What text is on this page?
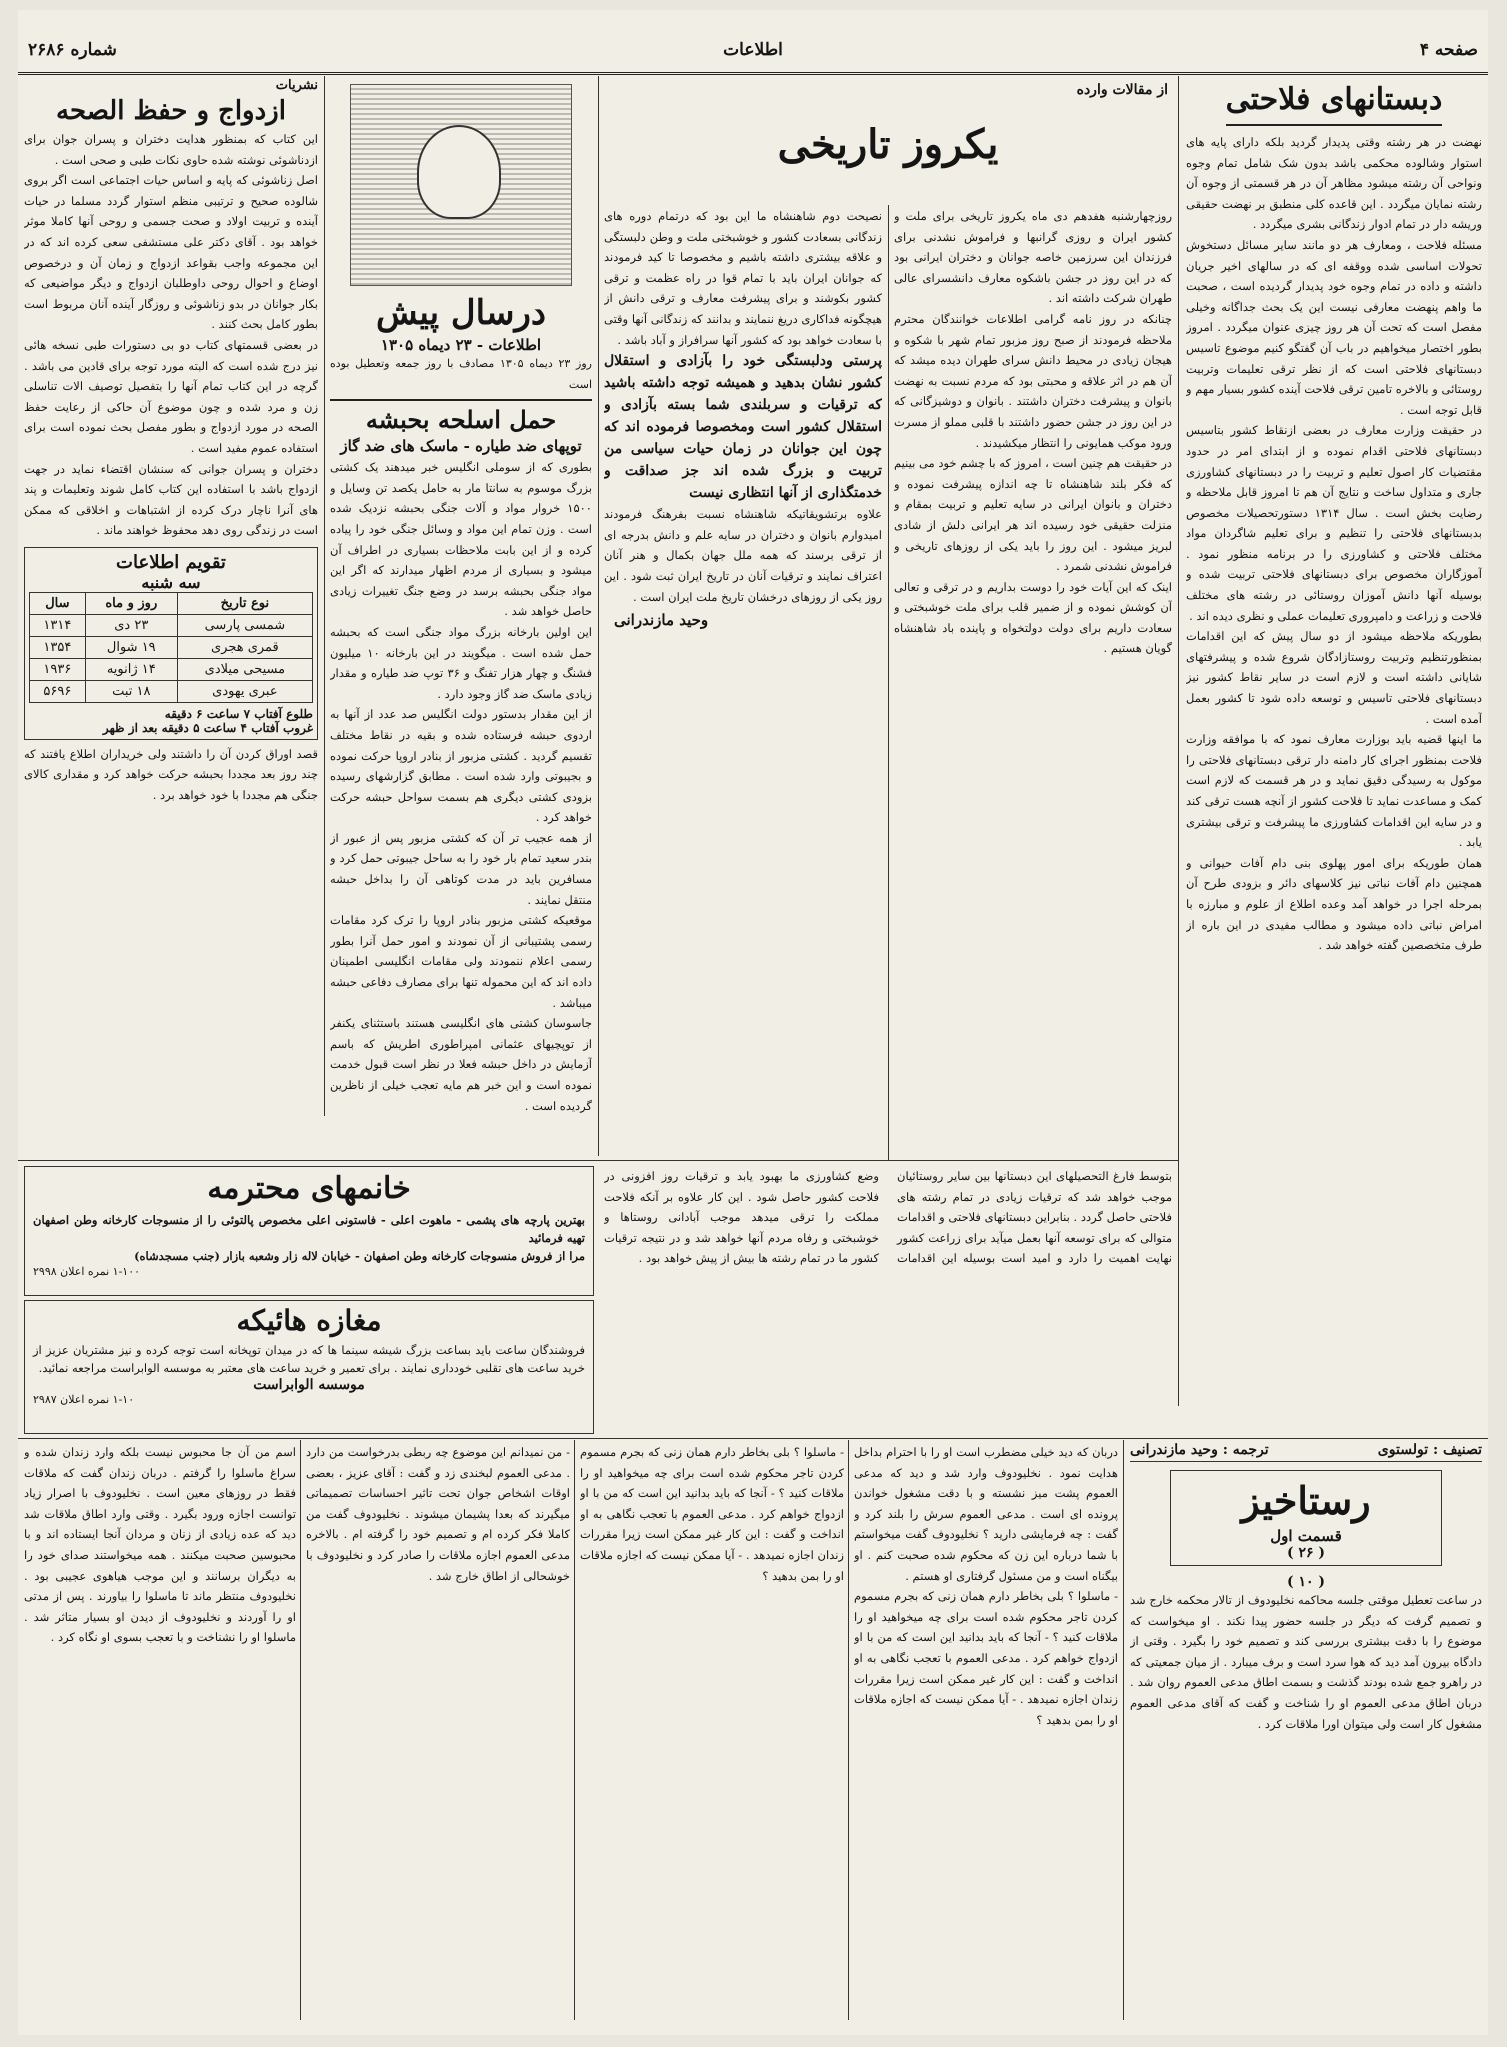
صفحه ۴
اطلاعات
شماره ۲۶۸۶

دبستانهای فلاحتی

نهضت در هر رشته وقتی پدیدار گردید بلکه دارای پایه های استوار وشالوده محکمی باشد بدون شک شامل تمام وجوه ونواحی آن رشته میشود مظاهر آن در هر قسمتی از وجوه آن رشته نمایان میگردد . این قاعده کلی منطبق بر نهضت حقیقی وریشه دار در تمام ادوار زندگانی بشری میگردد .

مسئله فلاحت ، ومعارف هر دو مانند سایر مسائل دستخوش تحولات اساسی شده ووقفه ای که در سالهای اخیر جریان داشته و داده در تمام وجوه خود پدیدار گردیده است ، صحبت ما واهم پنهضت معارفی نیست این یک بحث جداگانه وخیلی مفصل است که تحت آن هر روز چیزی عنوان میگردد . امروز بطور اختصار میخواهیم در باب آن گفتگو کنیم موضوع تاسیس دبستانهای فلاحتی است که از نظر ترقی تعلیمات وتربیت روستائی و بالاخره تامین ترقی فلاحت آینده کشور بسیار مهم و قابل توجه است .

در حقیقت وزارت معارف در بعضی ازنقاط کشور بتاسیس دبستانهای فلاحتی اقدام نموده و از ابتدای امر در حدود مقتضیات کار اصول تعلیم و تربیت را در دبستانهای کشاورزی جاری و متداول ساخت و نتایج آن هم تا امروز قابل ملاحظه و رضایت بخش است . سال ۱۳۱۴ دستورتحصیلات مخصوص بدبستانهای فلاحتی را تنظیم و برای تعلیم شاگردان مواد مختلف فلاحتی و کشاورزی را در برنامه منظور نمود . آموزگاران مخصوص برای دبستانهای فلاحتی تربیت شده و بوسیله آنها دانش آموزان روستائی در رشته های مختلف فلاحت و زراعت و دامپروری تعلیمات عملی و نظری دیده اند .

بطوریکه ملاحظه میشود از دو سال پیش که این اقدامات بمنظورتنظیم وتربیت روستازادگان شروع شده و پیشرفتهای شایانی داشته است و لازم است در سایر نقاط کشور نیز دبستانهای فلاحتی تاسیس و توسعه داده شود تا کشور بعمل آمده است .

ما اینها قضیه باید بوزارت معارف نمود که با موافقه وزارت فلاحت بمنظور اجرای کار دامنه دار ترقی دبستانهای فلاحتی را موکول به رسیدگی دقیق نماید و در هر قسمت که لازم است کمک و مساعدت نماید تا فلاحت کشور از آنچه هست ترقی کند و در سایه این اقدامات کشاورزی ما پیشرفت و ترقی بیشتری یابد .

همان طوریکه برای امور پهلوی بنی دام آفات حیوانی و همچنین دام آفات نباتی نیز کلاسهای دائر و بزودی طرح آن بمرحله اجرا در خواهد آمد وعده اطلاع از علوم و مبارزه با امراض نباتی داده میشود و مطالب مفیدی در این باره از طرف متخصصین گفته خواهد شد .

از مقالات وارده

یکروز تاریخی

روزچهارشنبه هفدهم دی ماه یکروز تاریخی برای ملت و کشور ایران و روزی گرانبها و فراموش نشدنی برای فرزندان این سرزمین خاصه جوانان و دختران ایرانی بود که در این روز در جشن باشکوه معارف دانشسرای عالی طهران شرکت داشته اند .

چنانکه در روز نامه گرامی اطلاعات خوانندگان محترم ملاحظه فرمودند از صبح روز مزبور تمام شهر با شکوه و هیجان زیادی در محیط دانش سرای طهران دیده میشد که آن هم در اثر علاقه و محبتی بود که مردم نسبت به نهضت بانوان و پیشرفت دختران داشتند . بانوان و دوشیزگانی که در این روز در جشن حضور داشتند با قلبی مملو از مسرت ورود موکب همایونی را انتظار میکشیدند .

در حقیقت هم چنین است ، امروز که با چشم خود می بینیم که فکر بلند شاهنشاه تا چه اندازه پیشرفت نموده و دختران و بانوان ایرانی در سایه تعلیم و تربیت بمقام و منزلت حقیقی خود رسیده اند هر ایرانی دلش از شادی لبریز میشود . این روز را باید یکی از روزهای تاریخی و فراموش نشدنی شمرد .

اینک که این آیات خود را دوست بداریم و در ترقی و تعالی آن کوشش نموده و از ضمیر قلب برای ملت خوشبختی و سعادت داریم برای دولت دولتخواه و پاینده باد شاهنشاه گویان هستیم .

نصیحت دوم شاهنشاه ما این بود که درتمام دوره های زندگانی بسعادت کشور و خوشبختی ملت و وطن دلبستگی و علاقه بیشتری داشته باشیم و مخصوصا تا کید فرمودند که جوانان ایران باید با تمام قوا در راه عظمت و ترقی کشور بکوشند و برای پیشرفت معارف و ترقی دانش از هیچگونه فداکاری دریغ ننمایند و بدانند که زندگانی آنها وقتی با سعادت خواهد بود که کشور آنها سرافراز و آباد باشد .

پرستی ودلبستگی خود را بآزادی و استقلال کشور نشان بدهید و همیشه توجه داشته باشید که ترقیات و سربلندی شما بسته بآزادی و استقلال کشور است ومخصوصا فرموده اند که چون این جوانان در زمان حیات سیاسی من تربیت و بزرگ شده اند جز صداقت و خدمتگذاری از آنها انتظاری نیست

علاوه برتشویقاتیکه شاهنشاه نسبت بفرهنگ فرمودند امیدوارم بانوان و دختران در سایه علم و دانش بدرجه ای از ترقی برسند که همه ملل جهان بکمال و هنر آنان اعتراف نمایند و ترقیات آنان در تاریخ ایران ثبت شود . این روز یکی از روزهای درخشان تاریخ ملت ایران است .

وحید مازندرانی

بتوسط فارغ التحصیلهای این دبستانها بین سایر روستائیان موجب خواهد شد که ترقیات زیادی در تمام رشته های فلاحتی حاصل گردد . بنابراین دبستانهای فلاحتی و اقدامات متوالی که برای توسعه آنها بعمل میآید برای زراعت کشور نهایت اهمیت را دارد و امید است بوسیله این اقدامات وضع کشاورزی ما بهبود یابد و ترقیات روز افزونی در فلاحت کشور حاصل شود . این کار علاوه بر آنکه فلاحت مملکت را ترقی میدهد موجب آبادانی روستاها و خوشبختی و رفاه مردم آنها خواهد شد و در نتیجه ترقیات کشور ما در تمام رشته ها بیش از پیش خواهد بود .

درسال پیش

اطلاعات - ۲۳ دیماه ۱۳۰۵

روز ۲۳ دیماه ۱۳۰۵ مصادف با روز جمعه وتعطیل بوده است

حمل اسلحه بحبشه

توپهای ضد طیاره - ماسک های ضد گاز

بطوری که از سوملی انگلیس خبر میدهند یک کشتی بزرگ موسوم به سانتا مار به حامل یکصد تن وسایل و ۱۵۰۰ خروار مواد و آلات جنگی بحبشه نزدیک شده است . وزن تمام این مواد و وسائل جنگی خود را پیاده کرده و از این بابت ملاحظات بسیاری در اطراف آن میشود و بسیاری از مردم اظهار میدارند که اگر این مواد جنگی بحبشه برسد در وضع جنگ تغییرات زیادی حاصل خواهد شد .

این اولین بارخانه بزرگ مواد جنگی است که بحبشه حمل شده است . میگویند در این بارخانه ۱۰ میلیون فشنگ و چهار هزار تفنگ و ۳۶ توپ ضد طیاره و مقدار زیادی ماسک ضد گاز وجود دارد .

از این مقدار بدستور دولت انگلیس صد عدد از آنها به اردوی حبشه فرستاده شده و بقیه در نقاط مختلف تقسیم گردید . کشتی مزبور از بنادر اروپا حرکت نموده و بجیبوتی وارد شده است . مطابق گزارشهای رسیده بزودی کشتی دیگری هم بسمت سواحل حبشه حرکت خواهد کرد .

از همه عجیب تر آن که کشتی مزبور پس از عبور از بندر سعید تمام بار خود را به ساحل جیبوتی حمل کرد و مسافرین باید در مدت کوتاهی آن را بداخل حبشه منتقل نمایند .

موقعیکه کشتی مزبور بنادر اروپا را ترک کرد مقامات رسمی پشتیبانی از آن نمودند و امور حمل آنرا بطور رسمی اعلام ننمودند ولی مقامات انگلیسی اطمینان داده اند که این محموله تنها برای مصارف دفاعی حبشه میباشد .

جاسوسان کشتی های انگلیسی هستند باستثنای یکنفر از توپچیهای عثمانی امپراطوری اطریش که باسم آزمایش در داخل حبشه فعلا در نظر است قبول خدمت نموده است و این خبر هم مایه تعجب خیلی از ناظرین گردیده است .

نشریات

ازدواج و حفظ الصحه

این کتاب که بمنظور هدایت دختران و پسران جوان برای ازدناشوئی نوشته شده حاوی نکات طبی و صحی است .

اصل زناشوئی که پایه و اساس حیات اجتماعی است اگر بروی شالوده صحیح و ترتیبی منظم استوار گردد مسلما در حیات آینده و تربیت اولاد و صحت جسمی و روحی آنها کاملا موثر خواهد بود . آقای دکتر علی مستشفی سعی کرده اند که در این مجموعه واجب بقواعد ازدواج و زمان آن و درخصوص اوضاع و احوال روحی داوطلبان ازدواج و دیگر مواضیعی که بکار جوانان در بدو زناشوئی و روزگار آینده آنان مربوط است بطور کامل بحث کنند .

در بعضی قسمتهای کتاب دو بی دستورات طبی نسخه هائی نیز درج شده است که البته مورد توجه برای قادین می باشد . گرچه در این کتاب تمام آنها را بتفصیل توصیف الات تناسلی زن و مرد شده و چون موضوع آن حاکی از رعایت حفظ الصحه در مورد ازدواج و بطور مفصل بحث نموده است برای استفاده عموم مفید است .

دختران و پسران جوانی که سنشان اقتضاء نماید در جهت ازدواج باشد با استفاده این کتاب کامل شوند وتعلیمات و پند های آنرا ناچار درک کرده از اشتباهات و اخلاقی که ممکن است در زندگی روی دهد محفوظ خواهند ماند .

تقویم اطلاعات

سه شنبه

نوع تاریخ	روز و ماه	سال
شمسی پارسی	۲۳ دی	۱۳۱۴
قمری هجری	۱۹ شوال	۱۳۵۴
مسیحی میلادی	۱۴ ژانویه	۱۹۳۶
عبری یهودی	۱۸ تبت	۵۶۹۶
طلوع آفتاب ۷ ساعت ۶ دقیقه
غروب آفتاب ۴ ساعت ۵ دقیقه بعد از ظهر

قصد اوراق کردن آن را داشتند ولی خریداران اطلاع یافتند که چند روز بعد مجددا بحبشه حرکت خواهد کرد و مقداری کالای جنگی هم مجددا با خود خواهد برد .

خانمهای محترمه

بهترین پارچه های پشمی - ماهوت اعلی - فاستونی اعلی مخصوص پالتوئی را از منسوجات کارخانه وطن اصفهان تهیه فرمائید

مرا از فروش منسوجات کارخانه وطن اصفهان - خیابان لاله زار وشعبه بازار (جنب مسجدشاه)

۱-۱۰۰ نمره اعلان ۲۹۹۸

مغازه هائیکه

فروشندگان ساعت باید بساعت بزرگ شیشه سینما ها که در میدان توپخانه است توجه کرده و نیز مشتریان عزیز از خرید ساعت های تقلبی خودداری نمایند . برای تعمیر و خرید ساعت های معتبر به موسسه الوابراست مراجعه نمائید.

موسسه الوابراست

۱-۱۰ نمره اعلان ۲۹۸۷

تصنیف : تولستوی
ترجمه : وحید مازندرانی

رستاخیز

قسمت اول

( ۲۶ )

( ۱۰ )

در ساعت تعطیل موقتی جلسه محاکمه نخلیودوف از تالار محکمه خارج شد و تصمیم گرفت که دیگر در جلسه حضور پیدا نکند . او میخواست که موضوع را با دقت بیشتری بررسی کند و تصمیم خود را بگیرد . وقتی از دادگاه بیرون آمد دید که هوا سرد است و برف میبارد . از میان جمعیتی که در راهرو جمع شده بودند گذشت و بسمت اطاق مدعی العموم روان شد . دربان اطاق مدعی العموم او را شناخت و گفت که آقای مدعی العموم مشغول کار است ولی میتوان اورا ملاقات کرد .

دربان که دید خیلی مضطرب است او را با احترام بداخل هدایت نمود . نخلیودوف وارد شد و دید که مدعی العموم پشت میز نشسته و با دقت مشغول خواندن پرونده ای است . مدعی العموم سرش را بلند کرد و گفت : چه فرمایشی دارید ؟ نخلیودوف گفت میخواستم با شما درباره این زن که محکوم شده صحبت کنم . او بیگناه است و من مسئول گرفتاری او هستم .

- ماسلوا ؟ بلی بخاطر دارم همان زنی که بجرم مسموم کردن تاجر محکوم شده است برای چه میخواهید او را ملاقات کنید ؟ - آنجا که باید بدانید این است که من با او ازدواج خواهم کرد . مدعی العموم با تعجب نگاهی به او انداخت و گفت : این کار غیر ممکن است زیرا مقررات زندان اجازه نمیدهد . - آیا ممکن نیست که اجازه ملاقات او را بمن بدهید ؟

- ماسلوا ؟ بلی بخاطر دارم همان زنی که بجرم مسموم کردن تاجر محکوم شده است برای چه میخواهید او را ملاقات کنید ؟ - آنجا که باید بدانید این است که من با او ازدواج خواهم کرد . مدعی العموم با تعجب نگاهی به او انداخت و گفت : این کار غیر ممکن است زیرا مقررات زندان اجازه نمیدهد . - آیا ممکن نیست که اجازه ملاقات او را بمن بدهید ؟

- من نمیدانم این موضوع چه ربطی بدرخواست من دارد . مدعی العموم لبخندی زد و گفت : آقای عزیز ، بعضی اوقات اشخاص جوان تحت تاثیر احساسات تصمیماتی میگیرند که بعدا پشیمان میشوند . نخلیودوف گفت من کاملا فکر کرده ام و تصمیم خود را گرفته ام . بالاخره مدعی العموم اجازه ملاقات را صادر کرد و نخلیودوف با خوشحالی از اطاق خارج شد .

اسم من آن جا محبوس نیست بلکه وارد زندان شده و سراغ ماسلوا را گرفتم . دربان زندان گفت که ملاقات فقط در روزهای معین است . نخلیودوف با اصرار زیاد توانست اجازه ورود بگیرد . وقتی وارد اطاق ملاقات شد دید که عده زیادی از زنان و مردان آنجا ایستاده اند و با محبوسین صحبت میکنند . همه میخواستند صدای خود را به دیگران برسانند و این موجب هیاهوی عجیبی بود . نخلیودوف منتظر ماند تا ماسلوا را بیاورند . پس از مدتی او را آوردند و نخلیودوف از دیدن او بسیار متاثر شد . ماسلوا او را نشناخت و با تعجب بسوی او نگاه کرد .
